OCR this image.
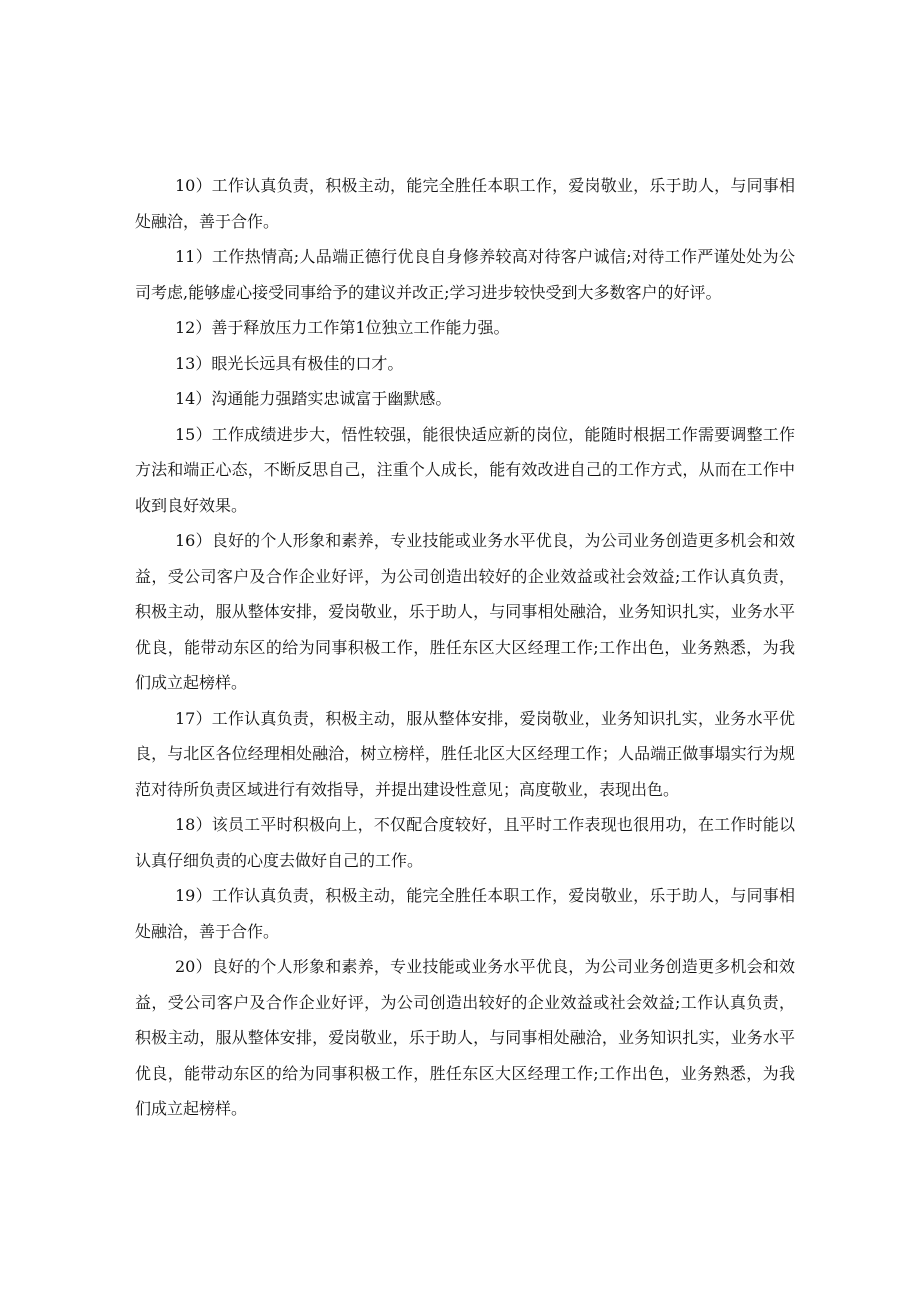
10）工作认真负责，积极主动，能完全胜任本职工作，爱岗敬业，乐于助人，与同事相处融洽，善于合作。

11）工作热情高;人品端正德行优良自身修养较高对待客户诚信;对待工作严谨处处为公司考虑,能够虚心接受同事给予的建议并改正;学习进步较快受到大多数客户的好评。

12）善于释放压力工作第1位独立工作能力强。

13）眼光长远具有极佳的口才。

14）沟通能力强踏实忠诚富于幽默感。

15）工作成绩进步大，悟性较强，能很快适应新的岗位，能随时根据工作需要调整工作方法和端正心态，不断反思自己，注重个人成长，能有效改进自己的工作方式，从而在工作中收到良好效果。

16）良好的个人形象和素养，专业技能或业务水平优良，为公司业务创造更多机会和效益，受公司客户及合作企业好评，为公司创造出较好的企业效益或社会效益;工作认真负责，积极主动，服从整体安排，爱岗敬业，乐于助人，与同事相处融洽，业务知识扎实，业务水平优良，能带动东区的给为同事积极工作，胜任东区大区经理工作;工作出色，业务熟悉，为我们成立起榜样。

17）工作认真负责，积极主动，服从整体安排，爱岗敬业，业务知识扎实，业务水平优良，与北区各位经理相处融洽，树立榜样，胜任北区大区经理工作；人品端正做事塌实行为规范对待所负责区域进行有效指导，并提出建设性意见；高度敬业，表现出色。

18）该员工平时积极向上，不仅配合度较好，且平时工作表现也很用功，在工作时能以认真仔细负责的心度去做好自己的工作。

19）工作认真负责，积极主动，能完全胜任本职工作，爱岗敬业，乐于助人，与同事相处融洽，善于合作。

20）良好的个人形象和素养，专业技能或业务水平优良，为公司业务创造更多机会和效益，受公司客户及合作企业好评，为公司创造出较好的企业效益或社会效益;工作认真负责，积极主动，服从整体安排，爱岗敬业，乐于助人，与同事相处融洽，业务知识扎实，业务水平优良，能带动东区的给为同事积极工作，胜任东区大区经理工作;工作出色，业务熟悉，为我们成立起榜样。
